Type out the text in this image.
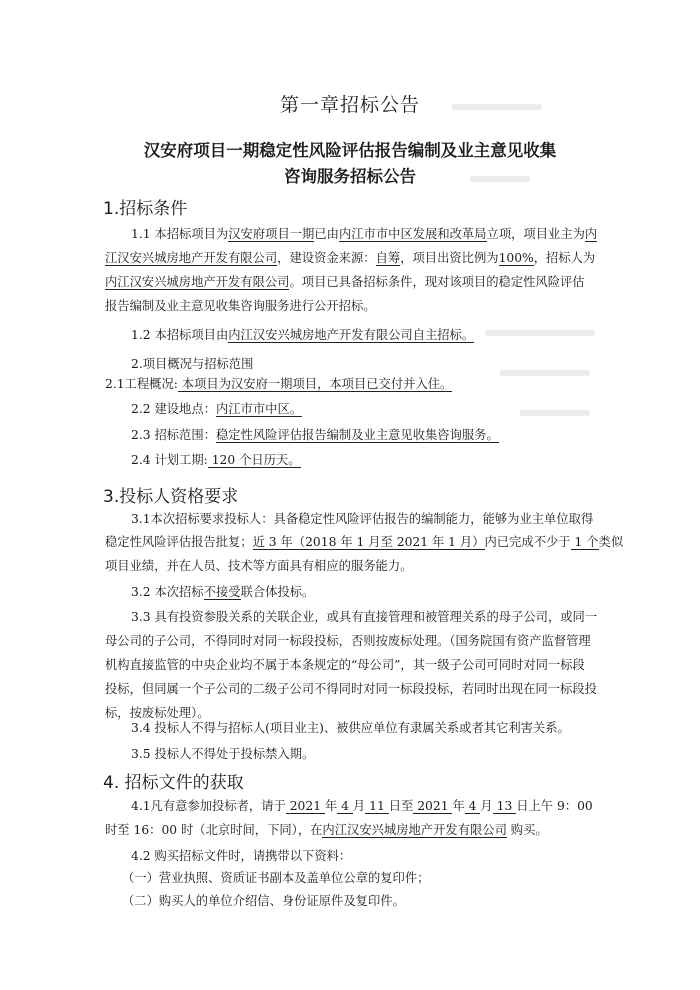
第一章招标公告
汉安府项目一期稳定性风险评估报告编制及业主意见收集
咨询服务招标公告
1.招标条件
1.1 本招标项目为汉安府项目一期已由内江市市中区发展和改革局立项，项目业主为内
江汉安兴城房地产开发有限公司，建设资金来源：自筹，项目出资比例为100%，招标人为
内江汉安兴城房地产开发有限公司。项目已具备招标条件，现对该项目的稳定性风险评估
报告编制及业主意见收集咨询服务进行公开招标。
1.2 本招标项目由内江汉安兴城房地产开发有限公司自主招标。
2.项目概况与招标范围
2.1工程概况: 本项目为汉安府一期项目，本项目已交付并入住。
2.2 建设地点：内江市市中区。
2.3 招标范围：稳定性风险评估报告编制及业主意见收集咨询服务。
2.4 计划工期: 120 个日历天。
3.投标人资格要求
3.1本次招标要求投标人：具备稳定性风险评估报告的编制能力，能够为业主单位取得
稳定性风险评估报告批复；近 3 年（2018 年 1 月至 2021 年 1 月）内已完成不少于 1 个类似
项目业绩，并在人员、技术等方面具有相应的服务能力。
3.2 本次招标不接受联合体投标。
3.3 具有投资参股关系的关联企业，或具有直接管理和被管理关系的母子公司，或同一
母公司的子公司，不得同时对同一标段投标，否则按废标处理。（国务院国有资产监督管理
机构直接监管的中央企业均不属于本条规定的“母公司”，其一级子公司可同时对同一标段
投标，但同属一个子公司的二级子公司不得同时对同一标段投标，若同时出现在同一标段投
标，按废标处理）。
3.4 投标人不得与招标人(项目业主)、被供应单位有隶属关系或者其它利害关系。
3.5 投标人不得处于投标禁入期。
4. 招标文件的获取
4.1凡有意参加投标者，请于 2021 年 4 月 11 日至 2021 年 4 月 13 日上午 9：00
时至 16：00 时（北京时间，下同），在内江汉安兴城房地产开发有限公司 购买。
4.2 购买招标文件时，请携带以下资料：
（一）营业执照、资质证书副本及盖单位公章的复印件；
（二）购买人的单位介绍信、身份证原件及复印件。
